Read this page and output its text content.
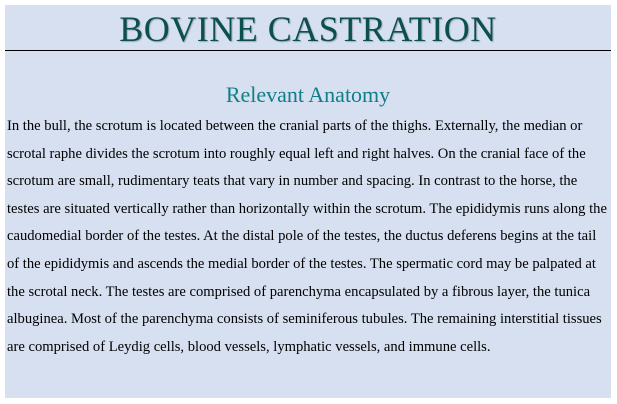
BOVINE CASTRATION
Relevant Anatomy

In the bull, the scrotum is located between the cranial parts of the thighs. Externally, the median or scrotal raphe divides the scrotum into roughly equal left and right halves. On the cranial face of the scrotum are small, rudimentary teats that vary in number and spacing. In contrast to the horse, the testes are situated vertically rather than horizontally within the scrotum. The epididymis runs along the caudomedial border of the testes. At the distal pole of the testes, the ductus deferens begins at the tail of the epididymis and ascends the medial border of the testes. The spermatic cord may be palpated at the scrotal neck. The testes are comprised of parenchyma encapsulated by a fibrous layer, the tunica albuginea. Most of the parenchyma consists of seminiferous tubules. The remaining interstitial tissues are comprised of Leydig cells, blood vessels, lymphatic vessels, and immune cells.
